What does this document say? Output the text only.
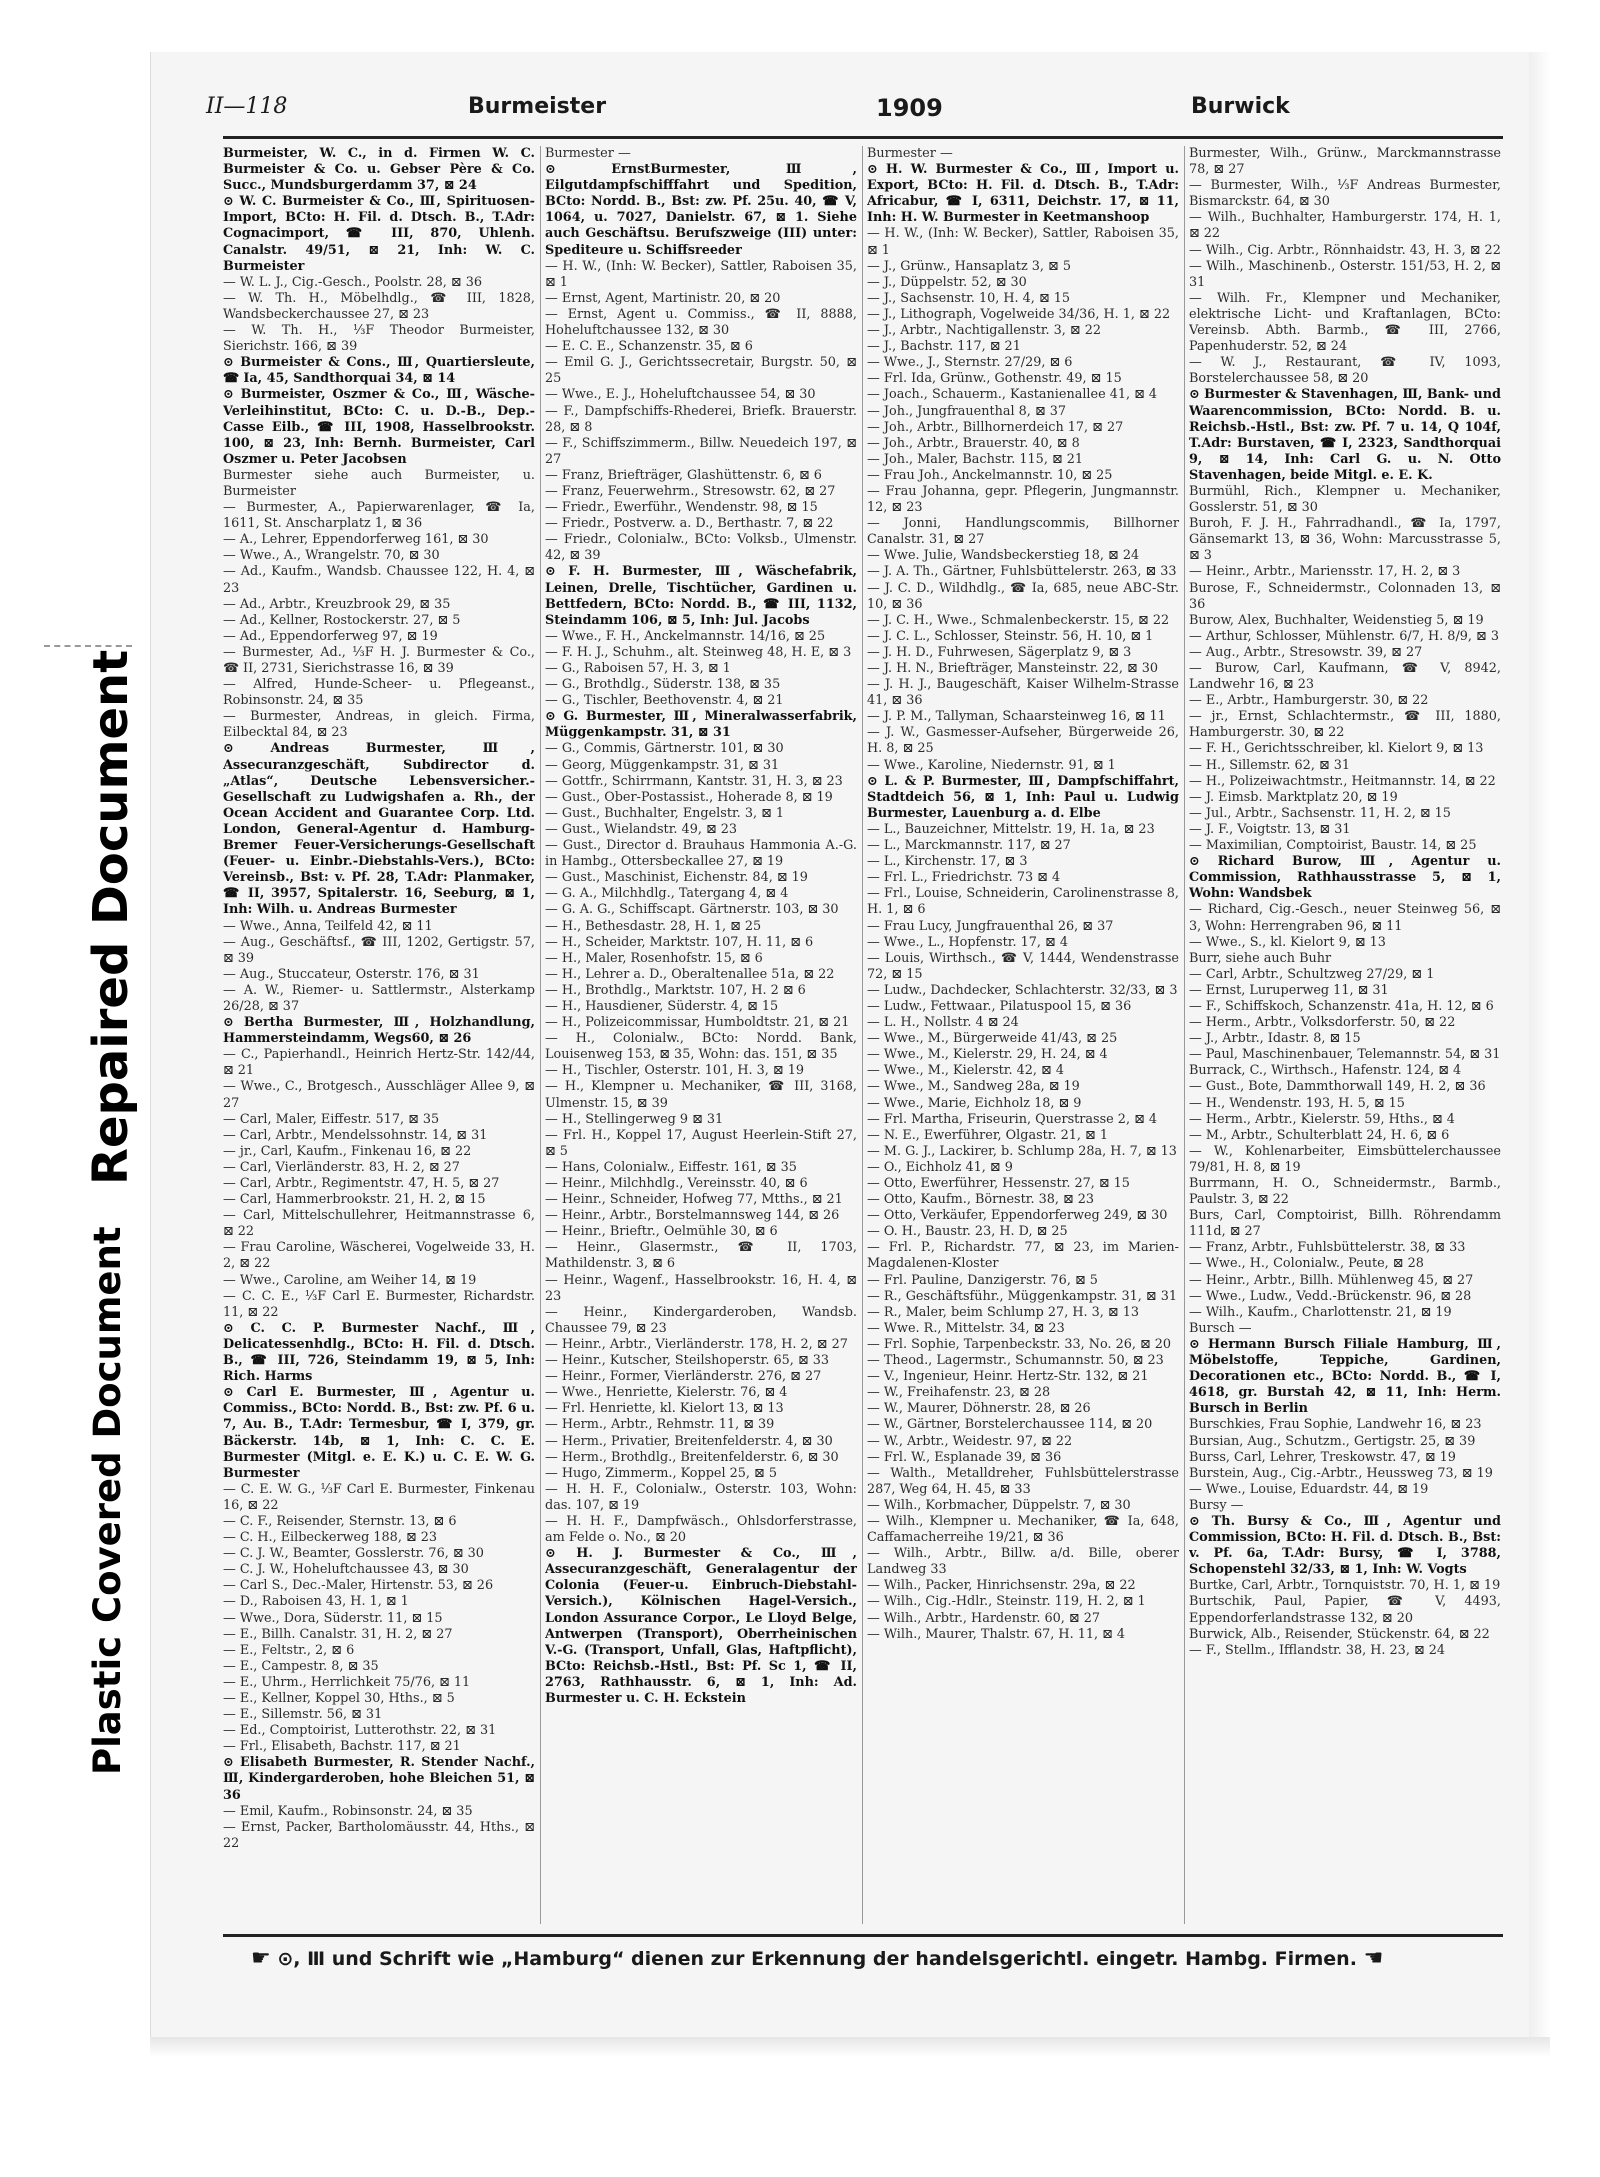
Repaired Document
Plastic Covered Document
II—118	Burmeister	1909	Burwick

Burmeister, W. C., in d. Firmen W. C. Burmeister & Co. u. Gebser Père & Co. Succ., Mundsburgerdamm 37, ⊠ 24

⊙ W. C. Burmeister & Co., Ⅲ, Spirituosen-Import, BCto: H. Fil. d. Dtsch. B., T.Adr: Cognacimport, ☎ III, 870, Uhlenh. Canalstr. 49/51, ⊠ 21, Inh: W. C. Burmeister

— W. L. J., Cig.-Gesch., Poolstr. 28, ⊠ 36

— W. Th. H., Möbelhdlg., ☎ III, 1828, Wandsbeckerchaussee 27, ⊠ 23

— W. Th. H., ⅓F Theodor Burmeister, Sierichstr. 166, ⊠ 39

⊙ Burmeister & Cons., Ⅲ, Quartiersleute, ☎ Ia, 45, Sandthorquai 34, ⊠ 14

⊙ Burmeister, Oszmer & Co., Ⅲ, Wäsche-Verleihinstitut, BCto: C. u. D.-B., Dep.-Casse Eilb., ☎ III, 1908, Hasselbrookstr. 100, ⊠ 23, Inh: Bernh. Burmeister, Carl Oszmer u. Peter Jacobsen

Burmester siehe auch Burmeister, u. Burmeister

— Burmester, A., Papierwarenlager, ☎ Ia, 1611, St. Anscharplatz 1, ⊠ 36

— A., Lehrer, Eppendorferweg 161, ⊠ 30

— Wwe., A., Wrangelstr. 70, ⊠ 30

— Ad., Kaufm., Wandsb. Chaussee 122, H. 4, ⊠ 23

— Ad., Arbtr., Kreuzbrook 29, ⊠ 35

— Ad., Kellner, Rostockerstr. 27, ⊠ 5

— Ad., Eppendorferweg 97, ⊠ 19

— Burmester, Ad., ⅓F H. J. Burmester & Co., ☎ II, 2731, Sierichstrasse 16, ⊠ 39

— Alfred, Hunde-Scheer- u. Pflegeanst., Robinsonstr. 24, ⊠ 35

— Burmester, Andreas, in gleich. Firma, Eilbecktal 84, ⊠ 23

⊙ Andreas Burmester, Ⅲ, Assecuranzgeschäft, Subdirector d. „Atlas“, Deutsche Lebensversicher.-Gesellschaft zu Ludwigshafen a. Rh., der Ocean Accident and Guarantee Corp. Ltd. London, General-Agentur d. Hamburg-Bremer Feuer-Versicherungs-Gesellschaft (Feuer- u. Einbr.-Diebstahls-Vers.), BCto: Vereinsb., Bst: v. Pf. 28, T.Adr: Planmaker, ☎ II, 3957, Spitalerstr. 16, Seeburg, ⊠ 1, Inh: Wilh. u. Andreas Burmester

— Wwe., Anna, Teilfeld 42, ⊠ 11

— Aug., Geschäftsf., ☎ III, 1202, Gertigstr. 57, ⊠ 39

— Aug., Stuccateur, Osterstr. 176, ⊠ 31

— A. W., Riemer- u. Sattlermstr., Alsterkamp 26/28, ⊠ 37

⊙ Bertha Burmester, Ⅲ, Holzhandlung, Hammersteindamm, Wegs60, ⊠ 26

— C., Papierhandl., Heinrich Hertz-Str. 142/44, ⊠ 21

— Wwe., C., Brotgesch., Ausschläger Allee 9, ⊠ 27

— Carl, Maler, Eiffestr. 517, ⊠ 35

— Carl, Arbtr., Mendelssohnstr. 14, ⊠ 31

— jr., Carl, Kaufm., Finkenau 16, ⊠ 22

— Carl, Vierländerstr. 83, H. 2, ⊠ 27

— Carl, Arbtr., Regimentstr. 47, H. 5, ⊠ 27

— Carl, Hammerbrookstr. 21, H. 2, ⊠ 15

— Carl, Mittelschullehrer, Heitmannstrasse 6, ⊠ 22

— Frau Caroline, Wäscherei, Vogelweide 33, H. 2, ⊠ 22

— Wwe., Caroline, am Weiher 14, ⊠ 19

— C. C. E., ⅓F Carl E. Burmester, Richardstr. 11, ⊠ 22

⊙ C. C. P. Burmester Nachf., Ⅲ, Delicatessenhdlg., BCto: H. Fil. d. Dtsch. B., ☎ III, 726, Steindamm 19, ⊠ 5, Inh: Rich. Harms

⊙ Carl E. Burmester, Ⅲ, Agentur u. Commiss., BCto: Nordd. B., Bst: zw. Pf. 6 u. 7, Au. B., T.Adr: Termesbur, ☎ I, 379, gr. Bäckerstr. 14b, ⊠ 1, Inh: C. C. E. Burmester (Mitgl. e. E. K.) u. C. E. W. G. Burmester

— C. E. W. G., ⅓F Carl E. Burmester, Finkenau 16, ⊠ 22

— C. F., Reisender, Sternstr. 13, ⊠ 6

— C. H., Eilbeckerweg 188, ⊠ 23

— C. J. W., Beamter, Gosslerstr. 76, ⊠ 30

— C. J. W., Hoheluftchaussee 43, ⊠ 30

— Carl S., Dec.-Maler, Hirtenstr. 53, ⊠ 26

— D., Raboisen 43, H. 1, ⊠ 1

— Wwe., Dora, Süderstr. 11, ⊠ 15

— E., Billh. Canalstr. 31, H. 2, ⊠ 27

— E., Feltstr., 2, ⊠ 6

— E., Campestr. 8, ⊠ 35

— E., Uhrm., Herrlichkeit 75/76, ⊠ 11

— E., Kellner, Koppel 30, Hths., ⊠ 5

— E., Sillemstr. 56, ⊠ 31

— Ed., Comptoirist, Lutterothstr. 22, ⊠ 31

— Frl., Elisabeth, Bachstr. 117, ⊠ 21

⊙ Elisabeth Burmester, R. Stender Nachf., Ⅲ, Kindergarderoben, hohe Bleichen 51, ⊠ 36

— Emil, Kaufm., Robinsonstr. 24, ⊠ 35

— Ernst, Packer, Bartholomäusstr. 44, Hths., ⊠ 22

Burmester —

⊙ ErnstBurmester, Ⅲ, Eilgutdampfschifffahrt und Spedition, BCto: Nordd. B., Bst: zw. Pf. 25u. 40, ☎ V, 1064, u. 7027, Danielstr. 67, ⊠ 1. Siehe auch Geschäftsu. Berufszweige (III) unter: Spediteure u. Schiffsreeder

— H. W., (Inh: W. Becker), Sattler, Raboisen 35, ⊠ 1

— Ernst, Agent, Martinistr. 20, ⊠ 20

— Ernst, Agent u. Commiss., ☎ II, 8888, Hoheluftchaussee 132, ⊠ 30

— E. C. E., Schanzenstr. 35, ⊠ 6

— Emil G. J., Gerichtssecretair, Burgstr. 50, ⊠ 25

— Wwe., E. J., Hoheluftchaussee 54, ⊠ 30

— F., Dampfschiffs-Rhederei, Briefk. Brauerstr. 28, ⊠ 8

— F., Schiffszimmerm., Billw. Neuedeich 197, ⊠ 27

— Franz, Briefträger, Glashüttenstr. 6, ⊠ 6

— Franz, Feuerwehrm., Stresowstr. 62, ⊠ 27

— Friedr., Ewerführ., Wendenstr. 98, ⊠ 15

— Friedr., Postverw. a. D., Berthastr. 7, ⊠ 22

— Friedr., Colonialw., BCto: Volksb., Ulmenstr. 42, ⊠ 39

⊙ F. H. Burmester, Ⅲ, Wäschefabrik, Leinen, Drelle, Tischtücher, Gardinen u. Bettfedern, BCto: Nordd. B., ☎ III, 1132, Steindamm 106, ⊠ 5, Inh: Jul. Jacobs

— Wwe., F. H., Anckelmannstr. 14/16, ⊠ 25

— F. H. J., Schuhm., alt. Steinweg 48, H. E, ⊠ 3

— G., Raboisen 57, H. 3, ⊠ 1

— G., Brothdlg., Süderstr. 138, ⊠ 35

— G., Tischler, Beethovenstr. 4, ⊠ 21

⊙ G. Burmester, Ⅲ, Mineralwasserfabrik, Müggenkampstr. 31, ⊠ 31

— G., Commis, Gärtnerstr. 101, ⊠ 30

— Georg, Müggenkampstr. 31, ⊠ 31

— Gottfr., Schirrmann, Kantstr. 31, H. 3, ⊠ 23

— Gust., Ober-Postassist., Hoherade 8, ⊠ 19

— Gust., Buchhalter, Engelstr. 3, ⊠ 1

— Gust., Wielandstr. 49, ⊠ 23

— Gust., Director d. Brauhaus Hammonia A.-G. in Hambg., Ottersbeckallee 27, ⊠ 19

— Gust., Maschinist, Eichenstr. 84, ⊠ 19

— G. A., Milchhdlg., Tatergang 4, ⊠ 4

— G. A. G., Schiffscapt. Gärtnerstr. 103, ⊠ 30

— H., Bethesdastr. 28, H. 1, ⊠ 25

— H., Scheider, Marktstr. 107, H. 11, ⊠ 6

— H., Maler, Rosenhofstr. 15, ⊠ 6

— H., Lehrer a. D., Oberaltenallee 51a, ⊠ 22

— H., Brothdlg., Marktstr. 107, H. 2 ⊠ 6

— H., Hausdiener, Süderstr. 4, ⊠ 15

— H., Polizeicommissar, Humboldtstr. 21, ⊠ 21

— H., Colonialw., BCto: Nordd. Bank, Louisenweg 153, ⊠ 35, Wohn: das. 151, ⊠ 35

— H., Tischler, Osterstr. 101, H. 3, ⊠ 19

— H., Klempner u. Mechaniker, ☎ III, 3168, Ulmenstr. 15, ⊠ 39

— H., Stellingerweg 9 ⊠ 31

— Frl. H., Koppel 17, August Heerlein-Stift 27, ⊠ 5

— Hans, Colonialw., Eiffestr. 161, ⊠ 35

— Heinr., Milchhdlg., Vereinsstr. 40, ⊠ 6

— Heinr., Schneider, Hofweg 77, Mtths., ⊠ 21

— Heinr., Arbtr., Borstelmannsweg 144, ⊠ 26

— Heinr., Brieftr., Oelmühle 30, ⊠ 6

— Heinr., Glasermstr., ☎ II, 1703, Mathildenstr. 3, ⊠ 6

— Heinr., Wagenf., Hasselbrookstr. 16, H. 4, ⊠ 23

— Heinr., Kindergarderoben, Wandsb. Chaussee 79, ⊠ 23

— Heinr., Arbtr., Vierländerstr. 178, H. 2, ⊠ 27

— Heinr., Kutscher, Steilshoperstr. 65, ⊠ 33

— Heinr., Former, Vierländerstr. 276, ⊠ 27

— Wwe., Henriette, Kielerstr. 76, ⊠ 4

— Frl. Henriette, kl. Kielort 13, ⊠ 13

— Herm., Arbtr., Rehmstr. 11, ⊠ 39

— Herm., Privatier, Breitenfelderstr. 4, ⊠ 30

— Herm., Brothdlg., Breitenfelderstr. 6, ⊠ 30

— Hugo, Zimmerm., Koppel 25, ⊠ 5

— H. H. F., Colonialw., Osterstr. 103, Wohn: das. 107, ⊠ 19

— H. H. F., Dampfwäsch., Ohlsdorferstrasse, am Felde o. No., ⊠ 20

⊙ H. J. Burmester & Co., Ⅲ, Assecuranzgeschäft, Generalagentur der Colonia (Feuer-u. Einbruch-Diebstahl-Versich.), Kölnischen Hagel-Versich., London Assurance Corpor., Le Lloyd Belge, Antwerpen (Transport), Oberrheinischen V.-G. (Transport, Unfall, Glas, Haftpflicht), BCto: Reichsb.-Hstl., Bst: Pf. Sc 1, ☎ II, 2763, Rathhausstr. 6, ⊠ 1, Inh: Ad. Burmester u. C. H. Eckstein

Burmester —

⊙ H. W. Burmester & Co., Ⅲ, Import u. Export, BCto: H. Fil. d. Dtsch. B., T.Adr: Africabur, ☎ I, 6311, Deichstr. 17, ⊠ 11, Inh: H. W. Burmester in Keetmanshoop

— H. W., (Inh: W. Becker), Sattler, Raboisen 35, ⊠ 1

— J., Grünw., Hansaplatz 3, ⊠ 5

— J., Düppelstr. 52, ⊠ 30

— J., Sachsenstr. 10, H. 4, ⊠ 15

— J., Lithograph, Vogelweide 34/36, H. 1, ⊠ 22

— J., Arbtr., Nachtigallenstr. 3, ⊠ 22

— J., Bachstr. 117, ⊠ 21

— Wwe., J., Sternstr. 27/29, ⊠ 6

— Frl. Ida, Grünw., Gothenstr. 49, ⊠ 15

— Joach., Schauerm., Kastanienallee 41, ⊠ 4

— Joh., Jungfrauenthal 8, ⊠ 37

— Joh., Arbtr., Billhornerdeich 17, ⊠ 27

— Joh., Arbtr., Brauerstr. 40, ⊠ 8

— Joh., Maler, Bachstr. 115, ⊠ 21

— Frau Joh., Anckelmannstr. 10, ⊠ 25

— Frau Johanna, gepr. Pflegerin, Jungmannstr. 12, ⊠ 23

— Jonni, Handlungscommis, Billhorner Canalstr. 31, ⊠ 27

— Wwe. Julie, Wandsbeckerstieg 18, ⊠ 24

— J. A. Th., Gärtner, Fuhlsbüttelerstr. 263, ⊠ 33

— J. C. D., Wildhdlg., ☎ Ia, 685, neue ABC-Str. 10, ⊠ 36

— J. C. H., Wwe., Schmalenbeckerstr. 15, ⊠ 22

— J. C. L., Schlosser, Steinstr. 56, H. 10, ⊠ 1

— J. H. D., Fuhrwesen, Sägerplatz 9, ⊠ 3

— J. H. N., Briefträger, Mansteinstr. 22, ⊠ 30

— J. H. J., Baugeschäft, Kaiser Wilhelm-Strasse 41, ⊠ 36

— J. P. M., Tallyman, Schaarsteinweg 16, ⊠ 11

— J. W., Gasmesser-Aufseher, Bürgerweide 26, H. 8, ⊠ 25

— Wwe., Karoline, Niedernstr. 91, ⊠ 1

⊙ L. & P. Burmester, Ⅲ, Dampfschiffahrt, Stadtdeich 56, ⊠ 1, Inh: Paul u. Ludwig Burmester, Lauenburg a. d. Elbe

— L., Bauzeichner, Mittelstr. 19, H. 1a, ⊠ 23

— L., Marckmannstr. 117, ⊠ 27

— L., Kirchenstr. 17, ⊠ 3

— Frl. L., Friedrichstr. 73 ⊠ 4

— Frl., Louise, Schneiderin, Carolinenstrasse 8, H. 1, ⊠ 6

— Frau Lucy, Jungfrauenthal 26, ⊠ 37

— Wwe., L., Hopfenstr. 17, ⊠ 4

— Louis, Wirthsch., ☎ V, 1444, Wendenstrasse 72, ⊠ 15

— Ludw., Dachdecker, Schlachterstr. 32/33, ⊠ 3

— Ludw., Fettwaar., Pilatuspool 15, ⊠ 36

— L. H., Nollstr. 4 ⊠ 24

— Wwe., M., Bürgerweide 41/43, ⊠ 25

— Wwe., M., Kielerstr. 29, H. 24, ⊠ 4

— Wwe., M., Kielerstr. 42, ⊠ 4

— Wwe., M., Sandweg 28a, ⊠ 19

— Wwe., Marie, Eichholz 18, ⊠ 9

— Frl. Martha, Friseurin, Querstrasse 2, ⊠ 4

— N. E., Ewerführer, Olgastr. 21, ⊠ 1

— M. G. J., Lackirer, b. Schlump 28a, H. 7, ⊠ 13

— O., Eichholz 41, ⊠ 9

— Otto, Ewerführer, Hessenstr. 27, ⊠ 15

— Otto, Kaufm., Börnestr. 38, ⊠ 23

— Otto, Verkäufer, Eppendorferweg 249, ⊠ 30

— O. H., Baustr. 23, H. D, ⊠ 25

— Frl. P., Richardstr. 77, ⊠ 23, im Marien-Magdalenen-Kloster

— Frl. Pauline, Danzigerstr. 76, ⊠ 5

— R., Geschäftsführ., Müggenkampstr. 31, ⊠ 31

— R., Maler, beim Schlump 27, H. 3, ⊠ 13

— Wwe. R., Mittelstr. 34, ⊠ 23

— Frl. Sophie, Tarpenbeckstr. 33, No. 26, ⊠ 20

— Theod., Lagermstr., Schumannstr. 50, ⊠ 23

— V., Ingenieur, Heinr. Hertz-Str. 132, ⊠ 21

— W., Freihafenstr. 23, ⊠ 28

— W., Maurer, Döhnerstr. 28, ⊠ 26

— W., Gärtner, Borstelerchaussee 114, ⊠ 20

— W., Arbtr., Weidestr. 97, ⊠ 22

— Frl. W., Esplanade 39, ⊠ 36

— Walth., Metalldreher, Fuhlsbüttelerstrasse 287, Weg 64, H. 45, ⊠ 33

— Wilh., Korbmacher, Düppelstr. 7, ⊠ 30

— Wilh., Klempner u. Mechaniker, ☎ Ia, 648, Caffamacherreihe 19/21, ⊠ 36

— Wilh., Arbtr., Billw. a/d. Bille, oberer Landweg 33

— Wilh., Packer, Hinrichsenstr. 29a, ⊠ 22

— Wilh., Cig.-Hdlr., Steinstr. 119, H. 2, ⊠ 1

— Wilh., Arbtr., Hardenstr. 60, ⊠ 27

— Wilh., Maurer, Thalstr. 67, H. 11, ⊠ 4

Burmester, Wilh., Grünw., Marckmannstrasse 78, ⊠ 27

— Burmester, Wilh., ⅓F Andreas Burmester, Bismarckstr. 64, ⊠ 30

— Wilh., Buchhalter, Hamburgerstr. 174, H. 1, ⊠ 22

— Wilh., Cig. Arbtr., Rönnhaidstr. 43, H. 3, ⊠ 22

— Wilh., Maschinenb., Osterstr. 151/53, H. 2, ⊠ 31

— Wilh. Fr., Klempner und Mechaniker, elektrische Licht- und Kraftanlagen, BCto: Vereinsb. Abth. Barmb., ☎ III, 2766, Papenhuderstr. 52, ⊠ 24

— W. J., Restaurant, ☎ IV, 1093, Borstelerchaussee 58, ⊠ 20

⊙ Burmester & Stavenhagen, Ⅲ, Bank- und Waarencommission, BCto: Nordd. B. u. Reichsb.-Hstl., Bst: zw. Pf. 7 u. 14, Q 104f, T.Adr: Burstaven, ☎ I, 2323, Sandthorquai 9, ⊠ 14, Inh: Carl G. u. N. Otto Stavenhagen, beide Mitgl. e. E. K.

Burmühl, Rich., Klempner u. Mechaniker, Gosslerstr. 51, ⊠ 30

Buroh, F. J. H., Fahrradhandl., ☎ Ia, 1797, Gänsemarkt 13, ⊠ 36, Wohn: Marcusstrasse 5, ⊠ 3

— Heinr., Arbtr., Mariensstr. 17, H. 2, ⊠ 3

Burose, F., Schneidermstr., Colonnaden 13, ⊠ 36

Burow, Alex, Buchhalter, Weidenstieg 5, ⊠ 19

— Arthur, Schlosser, Mühlenstr. 6/7, H. 8/9, ⊠ 3

— Aug., Arbtr., Stresowstr. 39, ⊠ 27

— Burow, Carl, Kaufmann, ☎ V, 8942, Landwehr 16, ⊠ 23

— E., Arbtr., Hamburgerstr. 30, ⊠ 22

— jr., Ernst, Schlachtermstr., ☎ III, 1880, Hamburgerstr. 30, ⊠ 22

— F. H., Gerichtsschreiber, kl. Kielort 9, ⊠ 13

— H., Sillemstr. 62, ⊠ 31

— H., Polizeiwachtmstr., Heitmannstr. 14, ⊠ 22

— J. Eimsb. Marktplatz 20, ⊠ 19

— Jul., Arbtr., Sachsenstr. 11, H. 2, ⊠ 15

— J. F., Voigtstr. 13, ⊠ 31

— Maximilian, Comptoirist, Baustr. 14, ⊠ 25

⊙ Richard Burow, Ⅲ, Agentur u. Commission, Rathhausstrasse 5, ⊠ 1, Wohn: Wandsbek

— Richard, Cig.-Gesch., neuer Steinweg 56, ⊠ 3, Wohn: Herrengraben 96, ⊠ 11

— Wwe., S., kl. Kielort 9, ⊠ 13

Burr, siehe auch Buhr

— Carl, Arbtr., Schultzweg 27/29, ⊠ 1

— Ernst, Luruperweg 11, ⊠ 31

— F., Schiffskoch, Schanzenstr. 41a, H. 12, ⊠ 6

— Herm., Arbtr., Volksdorferstr. 50, ⊠ 22

— J., Arbtr., Idastr. 8, ⊠ 15

— Paul, Maschinenbauer, Telemannstr. 54, ⊠ 31

Burrack, C., Wirthsch., Hafenstr. 124, ⊠ 4

— Gust., Bote, Dammthorwall 149, H. 2, ⊠ 36

— H., Wendenstr. 193, H. 5, ⊠ 15

— Herm., Arbtr., Kielerstr. 59, Hths., ⊠ 4

— M., Arbtr., Schulterblatt 24, H. 6, ⊠ 6

— W., Kohlenarbeiter, Eimsbüttelerchaussee 79/81, H. 8, ⊠ 19

Burrmann, H. O., Schneidermstr., Barmb., Paulstr. 3, ⊠ 22

Burs, Carl, Comptoirist, Billh. Röhrendamm 111d, ⊠ 27

— Franz, Arbtr., Fuhlsbüttelerstr. 38, ⊠ 33

— Wwe., H., Colonialw., Peute, ⊠ 28

— Heinr., Arbtr., Billh. Mühlenweg 45, ⊠ 27

— Wwe., Ludw., Vedd.-Brückenstr. 96, ⊠ 28

— Wilh., Kaufm., Charlottenstr. 21, ⊠ 19

Bursch —

⊙ Hermann Bursch Filiale Hamburg, Ⅲ, Möbelstoffe, Teppiche, Gardinen, Decorationen etc., BCto: Nordd. B., ☎ I, 4618, gr. Burstah 42, ⊠ 11, Inh: Herm. Bursch in Berlin

Burschkies, Frau Sophie, Landwehr 16, ⊠ 23

Bursian, Aug., Schutzm., Gertigstr. 25, ⊠ 39

Burss, Carl, Lehrer, Treskowstr. 47, ⊠ 19

Burstein, Aug., Cig.-Arbtr., Heussweg 73, ⊠ 19

— Wwe., Louise, Eduardstr. 44, ⊠ 19

Bursy —

⊙ Th. Bursy & Co., Ⅲ, Agentur und Commission, BCto: H. Fil. d. Dtsch. B., Bst: v. Pf. 6a, T.Adr: Bursy, ☎ I, 3788, Schopenstehl 32/33, ⊠ 1, Inh: W. Vogts

Burtke, Carl, Arbtr., Tornquiststr. 70, H. 1, ⊠ 19

Burtschik, Paul, Papier, ☎ V, 4493, Eppendorferlandstrasse 132, ⊠ 20

Burwick, Alb., Reisender, Stückenstr. 64, ⊠ 22

— F., Stellm., Ifflandstr. 38, H. 23, ⊠ 24

☛ ⊙, Ⅲ und Schrift wie „Hamburg“ dienen zur Erkennung der handelsgerichtl. eingetr. Hambg. Firmen. ☚
